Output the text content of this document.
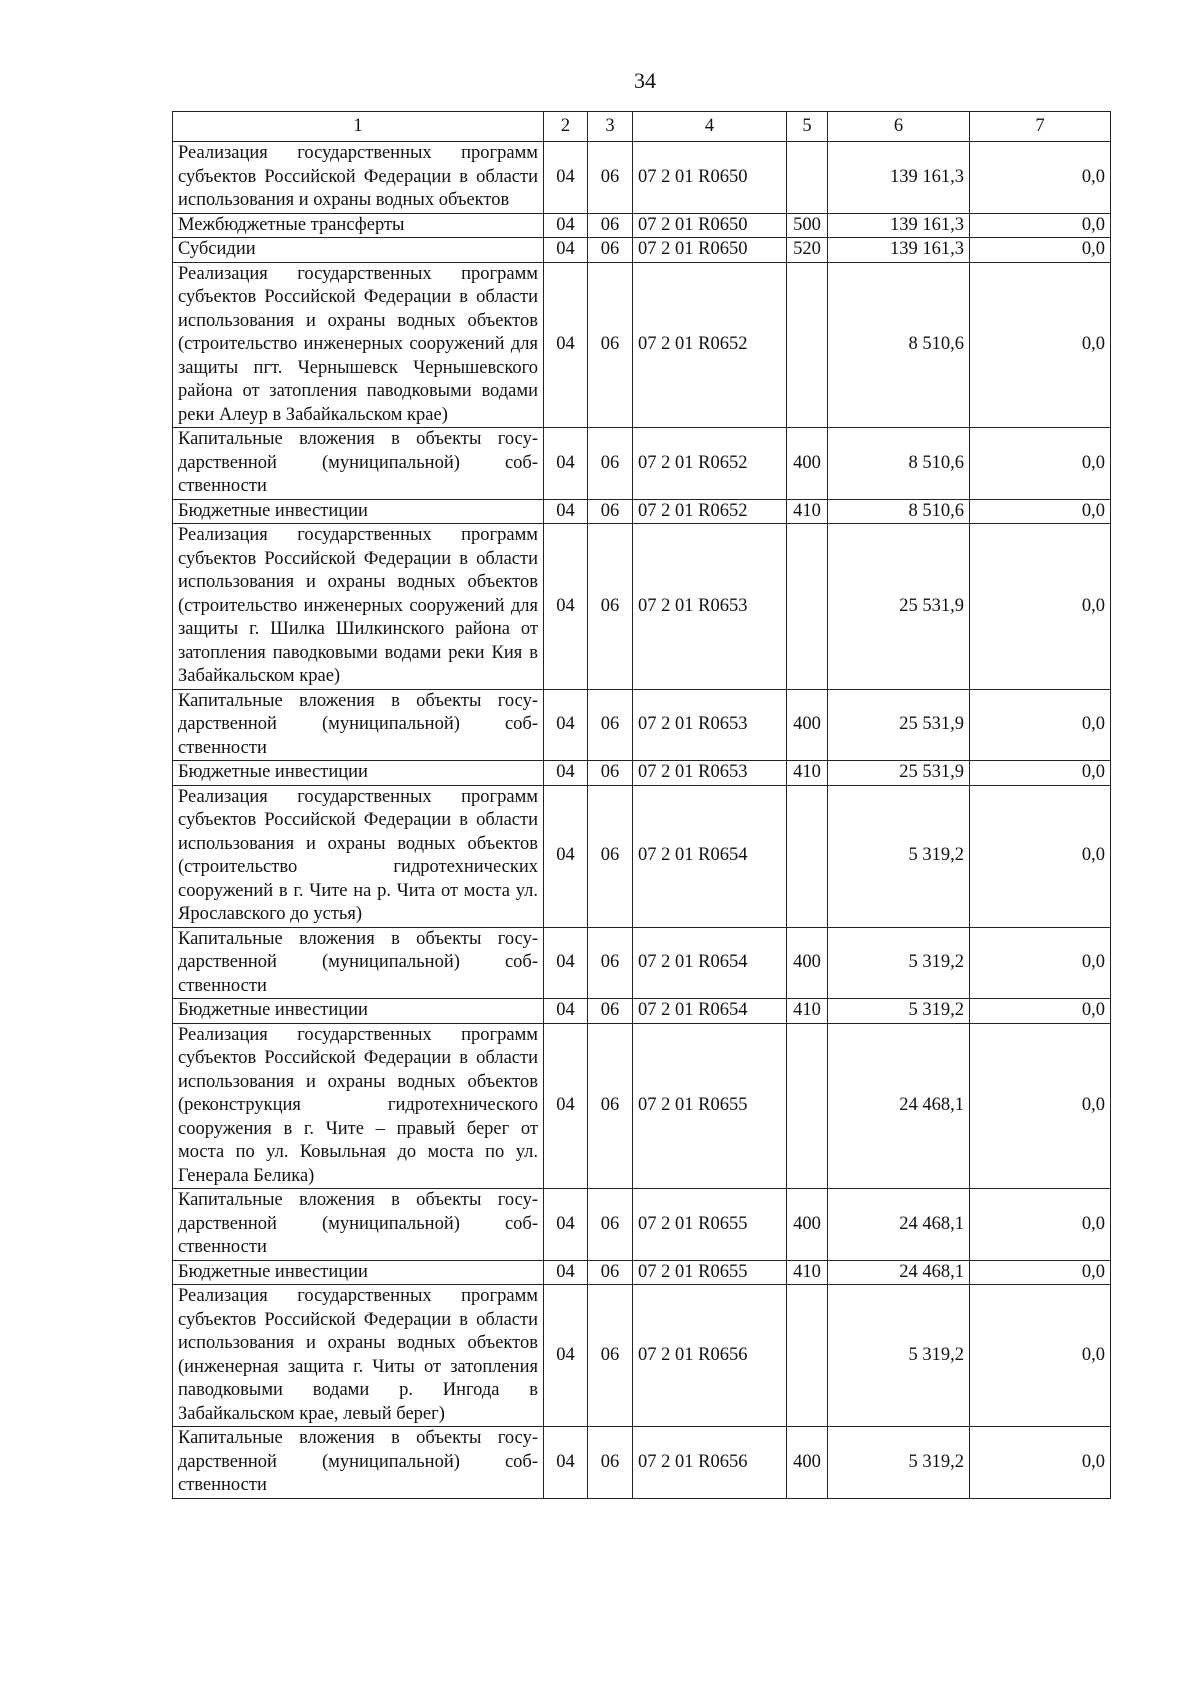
34
1	2	3	4	5	6	7
Реализация государственных программ субъектов Российской Федерации в области использования и охраны водных объектов	04	06	07 2 01 R0650		139 161,3	0,0
Межбюджетные трансферты	04	06	07 2 01 R0650	500	139 161,3	0,0
Субсидии	04	06	07 2 01 R0650	520	139 161,3	0,0
Реализация государственных программ субъектов Российской Федерации в области использования и охраны водных объектов (строительство инженерных сооружений для защиты пгт. Чернышевск Чернышевского района от затопления паводковыми водами реки Алеур в Забайкальском крае)	04	06	07 2 01 R0652		8 510,6	0,0
Капитальные вложения в объекты государственной (муниципальной) собственности	04	06	07 2 01 R0652	400	8 510,6	0,0
Бюджетные инвестиции	04	06	07 2 01 R0652	410	8 510,6	0,0
Реализация государственных программ субъектов Российской Федерации в области использования и охраны водных объектов (строительство инженерных сооружений для защиты г. Шилка Шилкинского района от затопления паводковыми водами реки Кия в Забайкальском крае)	04	06	07 2 01 R0653		25 531,9	0,0
Капитальные вложения в объекты государственной (муниципальной) собственности	04	06	07 2 01 R0653	400	25 531,9	0,0
Бюджетные инвестиции	04	06	07 2 01 R0653	410	25 531,9	0,0
Реализация государственных программ субъектов Российской Федерации в области использования и охраны водных объектов (строительство гидротехнических сооружений в г. Чите на р. Чита от моста ул. Ярославского до устья)	04	06	07 2 01 R0654		5 319,2	0,0
Капитальные вложения в объекты государственной (муниципальной) собственности	04	06	07 2 01 R0654	400	5 319,2	0,0
Бюджетные инвестиции	04	06	07 2 01 R0654	410	5 319,2	0,0
Реализация государственных программ субъектов Российской Федерации в области использования и охраны водных объектов (реконструкция гидротехнического сооружения в г. Чите – правый берег от моста по ул. Ковыльная до моста по ул. Генерала Белика)	04	06	07 2 01 R0655		24 468,1	0,0
Капитальные вложения в объекты государственной (муниципальной) собственности	04	06	07 2 01 R0655	400	24 468,1	0,0
Бюджетные инвестиции	04	06	07 2 01 R0655	410	24 468,1	0,0
Реализация государственных программ субъектов Российской Федерации в области использования и охраны водных объектов (инженерная защита г. Читы от затопления паводковыми водами р. Ингода в Забайкальском крае, левый берег)	04	06	07 2 01 R0656		5 319,2	0,0
Капитальные вложения в объекты государственной (муниципальной) собственности	04	06	07 2 01 R0656	400	5 319,2	0,0
